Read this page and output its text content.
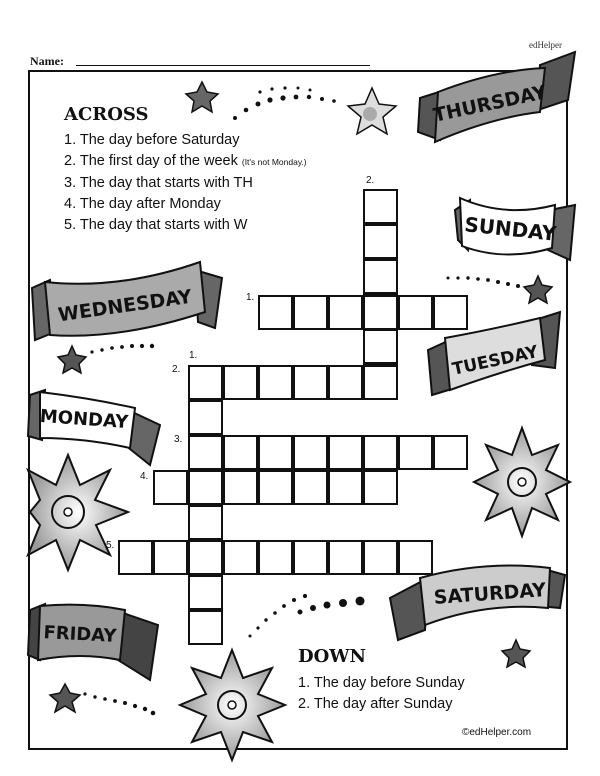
edHelper
Name:
THURSDAY
SUNDAY
WEDNESDAY
TUESDAY
MONDAY
SATURDAY
FRIDAY
ACROSS
1. The day before Saturday
2. The first day of the week (It's not Monday.)
3. The day that starts with TH
4. The day after Monday
5. The day that starts with W
DOWN
1. The day before Sunday
2. The day after Sunday
2.
1.
1.
2.
3.
4.
5.
©edHelper.com
